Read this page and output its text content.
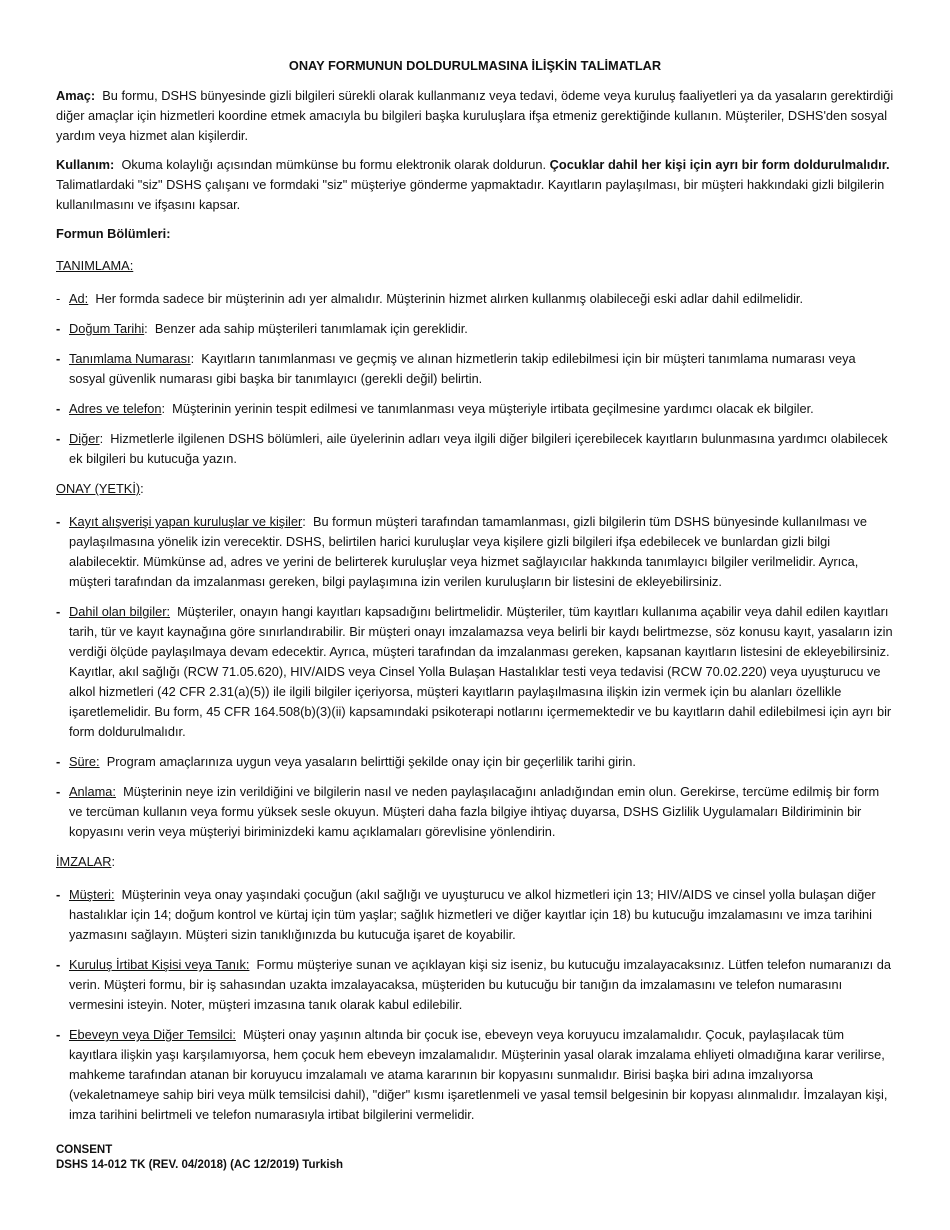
ONAY FORMUNUN DOLDURULMASINA İLİŞKİN TALİMATLAR

Amaç: Bu formu, DSHS bünyesinde gizli bilgileri sürekli olarak kullanmanız veya tedavi, ödeme veya kuruluş faaliyetleri ya da yasaların gerektirdiği diğer amaçlar için hizmetleri koordine etmek amacıyla bu bilgileri başka kuruluşlara ifşa etmeniz gerektiğinde kullanın. Müşteriler, DSHS'den sosyal yardım veya hizmet alan kişilerdir.

Kullanım: Okuma kolaylığı açısından mümkünse bu formu elektronik olarak doldurun. Çocuklar dahil her kişi için ayrı bir form doldurulmalıdır.  Talimatlardaki "siz" DSHS çalışanı ve formdaki "siz" müşteriye gönderme yapmaktadır. Kayıtların paylaşılması, bir müşteri hakkındaki gizli bilgilerin kullanılmasını ve ifşasını kapsar.

Formun Bölümleri:
TANIMLAMA:
- Ad: Her formda sadece bir müşterinin adı yer almalıdır. Müşterinin hizmet alırken kullanmış olabileceği eski adlar dahil edilmelidir.
- Doğum Tarihi: Benzer ada sahip müşterileri tanımlamak için gereklidir.
- Tanımlama Numarası: Kayıtların tanımlanması ve geçmiş ve alınan hizmetlerin takip edilebilmesi için bir müşteri tanımlama numarası veya sosyal güvenlik numarası gibi başka bir tanımlayıcı (gerekli değil) belirtin.
- Adres ve telefon: Müşterinin yerinin tespit edilmesi ve tanımlanması veya müşteriyle irtibata geçilmesine yardımcı olacak ek bilgiler.
- Diğer: Hizmetlerle ilgilenen DSHS bölümleri, aile üyelerinin adları veya ilgili diğer bilgileri içerebilecek kayıtların bulunmasına yardımcı olabilecek ek bilgileri bu kutucuğa yazın.
ONAY (YETKİ):
- Kayıt alışverişi yapan kuruluşlar ve kişiler: Bu formun müşteri tarafından tamamlanması, gizli bilgilerin tüm DSHS bünyesinde kullanılması ve paylaşılmasına yönelik izin verecektir. DSHS, belirtilen harici kuruluşlar veya kişilere gizli bilgileri ifşa edebilecek ve bunlardan gizli bilgi alabilecektir. Mümkünse ad, adres ve yerini de belirterek kuruluşlar veya hizmet sağlayıcılar hakkında tanımlayıcı bilgiler verilmelidir. Ayrıca, müşteri tarafından da imzalanması gereken, bilgi paylaşımına izin verilen kuruluşların bir listesini de ekleyebilirsiniz.
- Dahil olan bilgiler: Müşteriler, onayın hangi kayıtları kapsadığını belirtmelidir. Müşteriler, tüm kayıtları kullanıma açabilir veya dahil edilen kayıtları tarih, tür ve kayıt kaynağına göre sınırlandırabilir. Bir müşteri onayı imzalamazsa veya belirli bir kaydı belirtmezse, söz konusu kayıt, yasaların izin verdiği ölçüde paylaşılmaya devam edecektir. Ayrıca, müşteri tarafından da imzalanması gereken, kapsanan kayıtların listesini de ekleyebilirsiniz. Kayıtlar, akıl sağlığı (RCW 71.05.620), HIV/AIDS veya Cinsel Yolla Bulaşan Hastalıklar testi veya tedavisi (RCW 70.02.220) veya uyuşturucu ve alkol hizmetleri (42 CFR 2.31(a)(5)) ile ilgili bilgiler içeriyorsa, müşteri kayıtların paylaşılmasına ilişkin izin vermek için bu alanları özellikle işaretlemelidir. Bu form, 45 CFR 164.508(b)(3)(ii) kapsamındaki psikoterapi notlarını içermemektedir ve bu kayıtların dahil edilebilmesi için ayrı bir form doldurulmalıdır.
- Süre: Program amaçlarınıza uygun veya yasaların belirttiği şekilde onay için bir geçerlilik tarihi girin.
- Anlama: Müşterinin neye izin verildiğini ve bilgilerin nasıl ve neden paylaşılacağını anladığından emin olun. Gerekirse, tercüme edilmiş bir form ve tercüman kullanın veya formu yüksek sesle okuyun. Müşteri daha fazla bilgiye ihtiyaç duyarsa, DSHS Gizlilik Uygulamaları Bildiriminin bir kopyasını verin veya müşteriyi biriminizdeki kamu açıklamaları görevlisine yönlendirin.
İMZALAR:
- Müşteri: Müşterinin veya onay yaşındaki çocuğun (akıl sağlığı ve uyuşturucu ve alkol hizmetleri için 13; HIV/AIDS ve cinsel yolla bulaşan diğer hastalıklar için 14; doğum kontrol ve kürtaj için tüm yaşlar; sağlık hizmetleri ve diğer kayıtlar için 18) bu kutucuğu imzalamasını ve imza tarihini yazmasını sağlayın. Müşteri sizin tanıklığınızda bu kutucuğa işaret de koyabilir.
- Kuruluş İrtibat Kişisi veya Tanık: Formu müşteriye sunan ve açıklayan kişi siz iseniz, bu kutucuğu imzalayacaksınız. Lütfen telefon numaranızı da verin. Müşteri formu, bir iş sahasından uzakta imzalayacaksa, müşteriden bu kutucuğu bir tanığın da imzalamasını ve telefon numarasını vermesini isteyin. Noter, müşteri imzasına tanık olarak kabul edilebilir.
- Ebeveyn veya Diğer Temsilci: Müşteri onay yaşının altında bir çocuk ise, ebeveyn veya koruyucu imzalamalıdır. Çocuk, paylaşılacak tüm kayıtlara ilişkin yaşı karşılamıyorsa, hem çocuk hem ebeveyn imzalamalıdır. Müşterinin yasal olarak imzalama ehliyeti olmadığına karar verilirse, mahkeme tarafından atanan bir koruyucu imzalamalı ve atama kararının bir kopyasını sunmalıdır. Birisi başka biri adına imzalıyorsa (vekaletnameye sahip biri veya mülk temsilcisi dahil), "diğer" kısmı işaretlenmeli ve yasal temsil belgesinin bir kopyası alınmalıdır. İmzalayan kişi, imza tarihini belirtmeli ve telefon numarasıyla irtibat bilgilerini vermelidir.
CONSENT
DSHS 14-012 TK (REV. 04/2018) (AC 12/2019) Turkish
